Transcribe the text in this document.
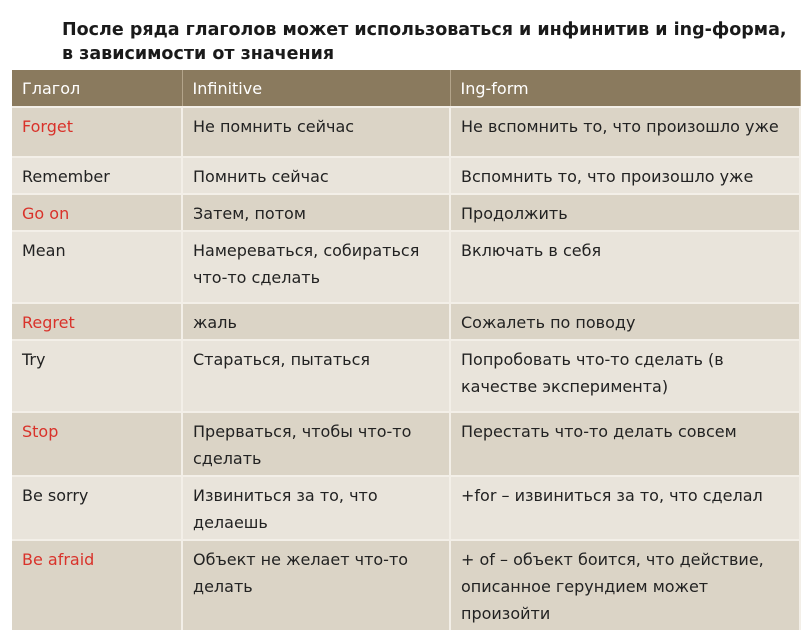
После ряда глаголов может использоваться и инфинитив и ing-форма,
в зависимости от значения
Глагол	Infinitive	Ing-form
Forget	Не помнить сейчас	Не вспомнить то, что произошло уже
Remember	Помнить сейчас	Вспомнить то, что произошло уже
Go on	Затем, потом	Продолжить
Mean	Намереваться, собираться что-то сделать	Включать в себя
Regret	жаль	Сожалеть по поводу
Try	Стараться, пытаться	Попробовать что-то сделать (в качестве эксперимента)
Stop	Прерваться, чтобы что-то сделать	Перестать что-то делать совсем
Be sorry	Извиниться за то, что делаешь	+for – извиниться за то, что сделал
Be afraid	Объект не желает что-то делать	+ of – объект боится, что действие, описанное герундием может произойти
